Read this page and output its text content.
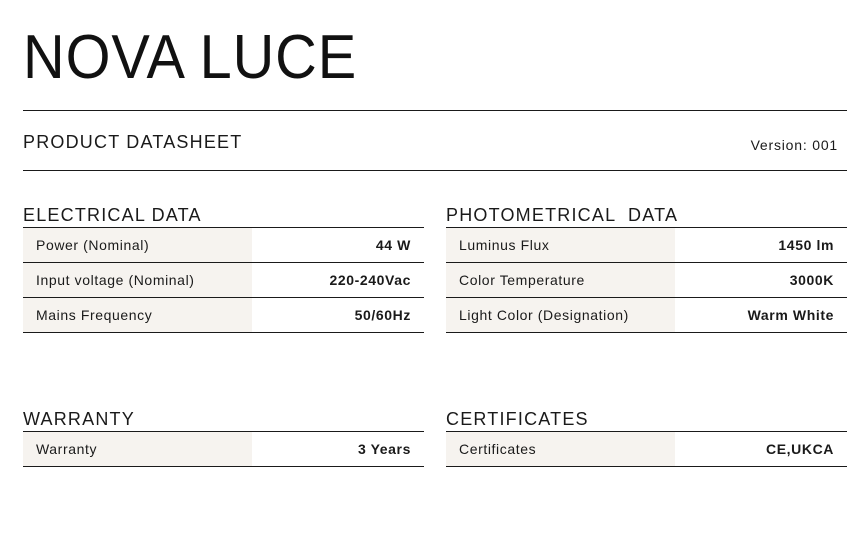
NOVA LUCE
PRODUCT DATASHEET	Version: 001
ELECTRICAL DATA
Power (Nominal)	44 W
Input voltage (Nominal)	220-240Vac
Mains Frequency	50/60Hz
PHOTOMETRICAL  DATA
Luminus Flux	1450 lm
Color Temperature	3000K
Light Color (Designation)	Warm White
WARRANTY
Warranty	3 Years
CERTIFICATES
Certificates	CE,UKCA
